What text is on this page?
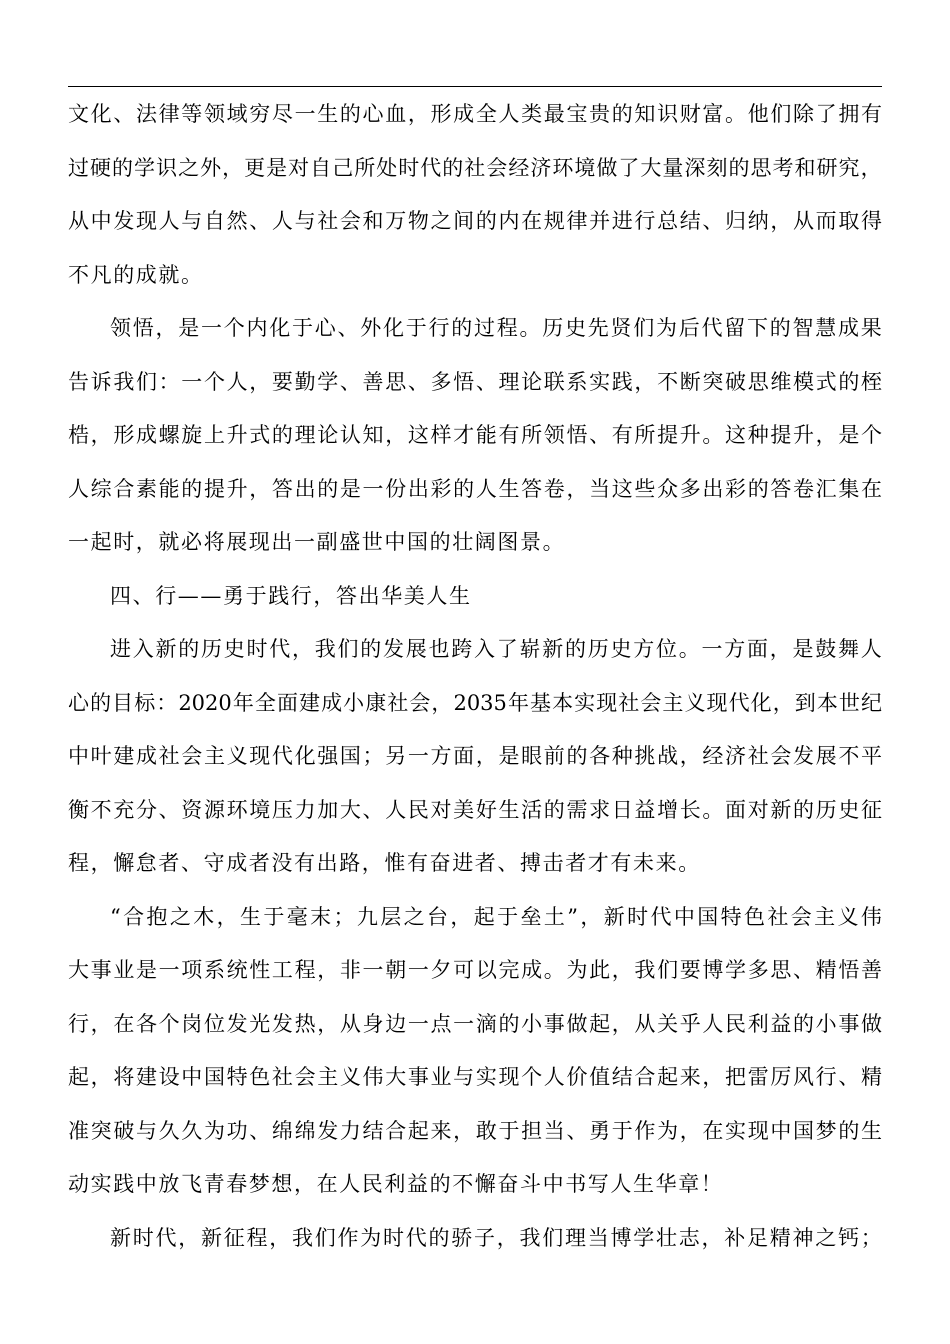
文 化 、 法 律 等 领 域 穷 尽 一 生 的 心 血 ， 形 成 全 人 类 最 宝 贵 的 知 识 财 富 。 他 们 除 了 拥 有
过 硬 的 学 识 之 外 ， 更 是 对 自 己 所 处 时 代 的 社 会 经 济 环 境 做 了 大 量 深 刻 的 思 考 和 研 究 ，
从 中 发 现 人 与 自 然 、 人 与 社 会 和 万 物 之 间 的 内 在 规 律 并 进 行 总 结 、 归 纳 ， 从 而 取 得
不凡的成就。
领 悟 ， 是 一 个 内 化 于 心 、 外 化 于 行 的 过 程 。 历 史 先 贤 们 为 后 代 留 下 的 智 慧 成 果
告 诉 我 们 ： 一 个 人 ， 要 勤 学 、 善 思 、 多 悟 、 理 论 联 系 实 践 ， 不 断 突 破 思 维 模 式 的 桎
梏 ， 形 成 螺 旋 上 升 式 的 理 论 认 知 ， 这 样 才 能 有 所 领 悟 、 有 所 提 升 。 这 种 提 升 ， 是 个
人 综 合 素 能 的 提 升 ， 答 出 的 是 一 份 出 彩 的 人 生 答 卷 ， 当 这 些 众 多 出 彩 的 答 卷 汇 集 在
一起时，就必将展现出一副盛世中国的壮阔图景。
四、行——勇于践行，答出华美人生
进 入 新 的 历 史 时 代 ， 我 们 的 发 展 也 跨 入 了 崭 新 的 历 史 方 位 。 一 方 面 ， 是 鼓 舞 人
心 的 目 标 ： 2020 年 全 面 建 成 小 康 社 会 ， 2035 年 基 本 实 现 社 会 主 义 现 代 化 ， 到 本 世 纪
中 叶 建 成 社 会 主 义 现 代 化 强 国 ； 另 一 方 面 ， 是 眼 前 的 各 种 挑 战 ， 经 济 社 会 发 展 不 平
衡 不 充 分 、 资 源 环 境 压 力 加 大 、 人 民 对 美 好 生 活 的 需 求 日 益 增 长 。 面 对 新 的 历 史 征
程，懈怠者、守成者没有出路，惟有奋进者、搏击者才有未来。
“ 合 抱 之 木 ， 生 于 毫 末 ； 九 层 之 台 ， 起 于 垒 土 ” ， 新 时 代 中 国 特 色 社 会 主 义 伟
大 事 业 是 一 项 系 统 性 工 程 ， 非 一 朝 一 夕 可 以 完 成 。 为 此 ， 我 们 要 博 学 多 思 、 精 悟 善
行 ， 在 各 个 岗 位 发 光 发 热 ， 从 身 边 一 点 一 滴 的 小 事 做 起 ， 从 关 乎 人 民 利 益 的 小 事 做
起 ， 将 建 设 中 国 特 色 社 会 主 义 伟 大 事 业 与 实 现 个 人 价 值 结 合 起 来 ， 把 雷 厉 风 行 、 精
准 突 破 与 久 久 为 功 、 绵 绵 发 力 结 合 起 来 ， 敢 于 担 当 、 勇 于 作 为 ， 在 实 现 中 国 梦 的 生
动实践中放飞青春梦想，在人民利益的不懈奋斗中书写人生华章！
新 时 代 ， 新 征 程 ， 我 们 作 为 时 代 的 骄 子 ， 我 们 理 当 博 学 壮 志 ， 补 足 精 神 之 钙 ；
